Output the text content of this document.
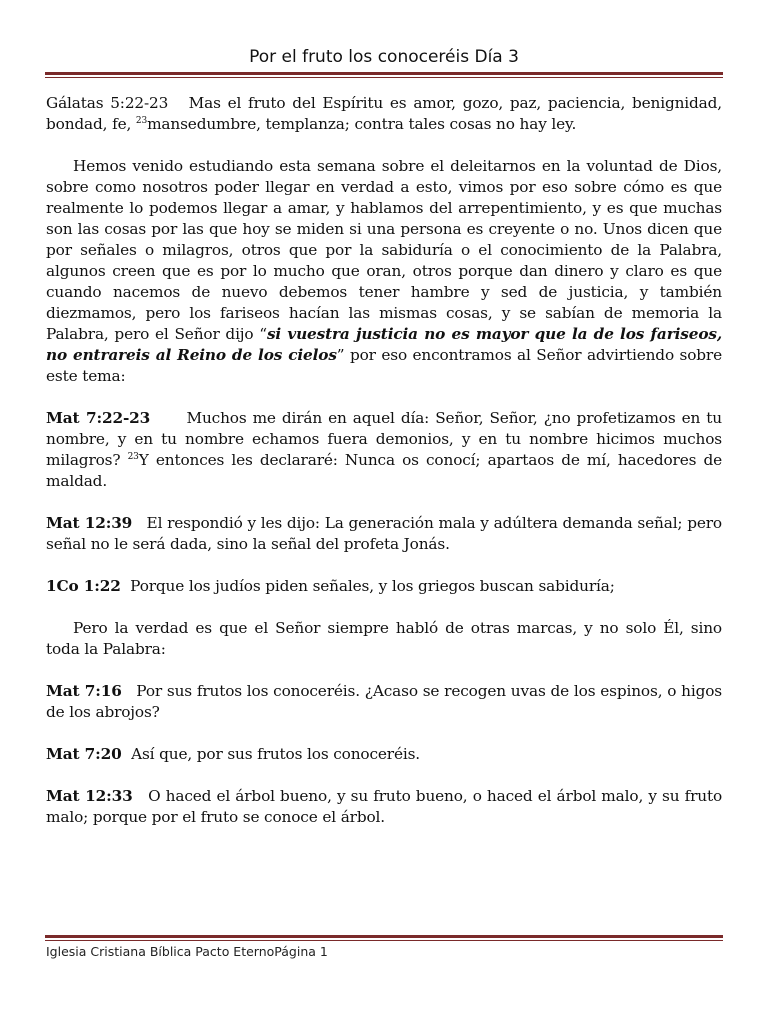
Por el fruto los conoceréis Día 3

Gálatas 5:22-23 Mas el fruto del Espíritu es amor, gozo, paz, paciencia, benignidad, bondad, fe, $^{23}$mansedumbre, templanza; contra tales cosas no hay ley.

Hemos venido estudiando esta semana sobre el deleitarnos en la voluntad de Dios, sobre como nosotros poder llegar en verdad a esto, vimos por eso sobre cómo es que realmente lo podemos llegar a amar, y hablamos del arrepentimiento, y es que muchas son las cosas por las que hoy se miden si una persona es creyente o no. Unos dicen que por señales o milagros, otros que por la sabiduría o el conocimiento de la Palabra, algunos creen que es por lo mucho que oran, otros porque dan dinero y claro es que cuando nacemos de nuevo debemos tener hambre y sed de justicia, y también diezmamos, pero los fariseos hacían las mismas cosas, y se sabían de memoria la Palabra, pero el Señor dijo “si vuestra justicia no es mayor que la de los fariseos, no entrareis al Reino de los cielos” por eso encontramos al Señor advirtiendo sobre este tema:

Mat 7:22-23 Muchos me dirán en aquel día: Señor, Señor, ¿no profetizamos en tu nombre, y en tu nombre echamos fuera demonios, y en tu nombre hicimos muchos milagros? $^{23}$Y entonces les declararé: Nunca os conocí; apartaos de mí, hacedores de maldad.

Mat 12:39 El respondió y les dijo: La generación mala y adúltera demanda señal; pero señal no le será dada, sino la señal del profeta Jonás.

1Co 1:22 Porque los judíos piden señales, y los griegos buscan sabiduría;

Pero la verdad es que el Señor siempre habló de otras marcas, y no solo Él, sino toda la Palabra:

Mat 7:16 Por sus frutos los conoceréis. ¿Acaso se recogen uvas de los espinos, o higos de los abrojos?

Mat 7:20 Así que, por sus frutos los conoceréis.

Mat 12:33 O haced el árbol bueno, y su fruto bueno, o haced el árbol malo, y su fruto malo; porque por el fruto se conoce el árbol.

Iglesia Cristiana Bíblica Pacto EternoPágina 1
